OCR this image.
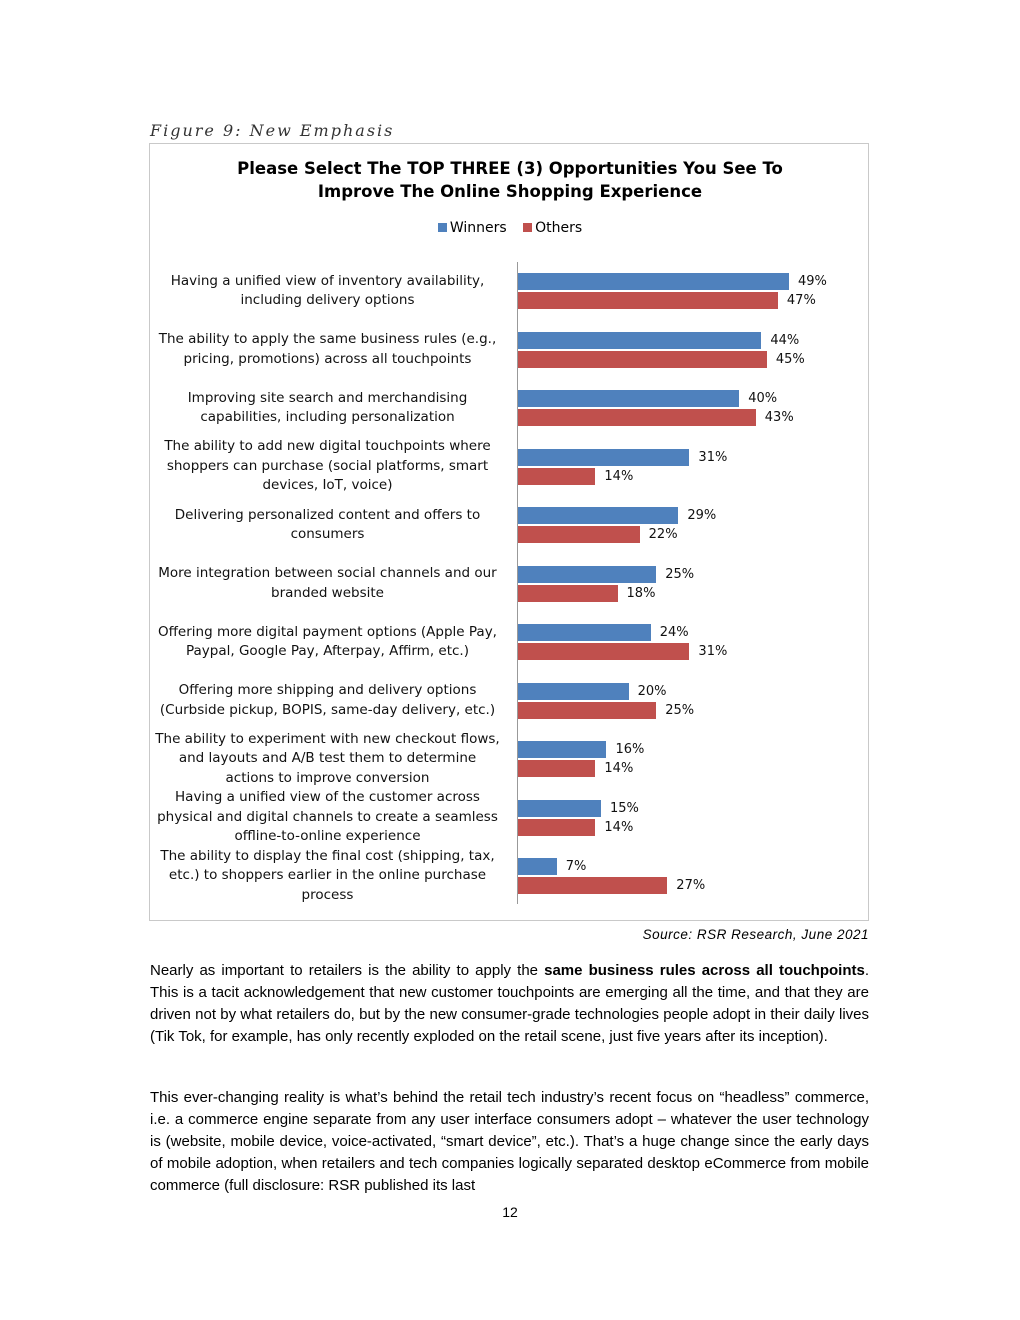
Figure 9: New Emphasis
Please Select The TOP THREE (3) Opportunities You See To
Improve The Online Shopping Experience
Winners Others
Having a unified view of inventory availability, including delivery options
49%
47%
The ability to apply the same business rules (e.g., pricing, promotions) across all touchpoints
44%
45%
Improving site search and merchandising capabilities, including personalization
40%
43%
The ability to add new digital touchpoints where shoppers can purchase (social platforms, smart devices, IoT, voice)
31%
14%
Delivering personalized content and offers to consumers
29%
22%
More integration between social channels and our branded website
25%
18%
Offering more digital payment options (Apple Pay, Paypal, Google Pay, Afterpay, Affirm, etc.)
24%
31%
Offering more shipping and delivery options (Curbside pickup, BOPIS, same-day delivery, etc.)
20%
25%
The ability to experiment with new checkout flows, and layouts and A/B test them to determine actions to improve conversion
16%
14%
Having a unified view of the customer across physical and digital channels to create a seamless offline-to-online experience
15%
14%
The ability to display the final cost (shipping, tax, etc.) to shoppers earlier in the online purchase process
7%
27%
Source: RSR Research, June 2021

Nearly as important to retailers is the ability to apply the same business rules across all touchpoints. This is a tacit acknowledgement that new customer touchpoints are emerging all the time, and that they are driven not by what retailers do, but by the new consumer-grade technologies people adopt in their daily lives (Tik Tok, for example, has only recently exploded on the retail scene, just five years after its inception).

This ever-changing reality is what’s behind the retail tech industry’s recent focus on “headless” commerce, i.e. a commerce engine separate from any user interface consumers adopt – whatever the user technology is (website, mobile device, voice-activated, “smart device”, etc.). That’s a huge change since the early days of mobile adoption, when retailers and tech companies logically separated desktop eCommerce from mobile commerce (full disclosure: RSR published its last

12
